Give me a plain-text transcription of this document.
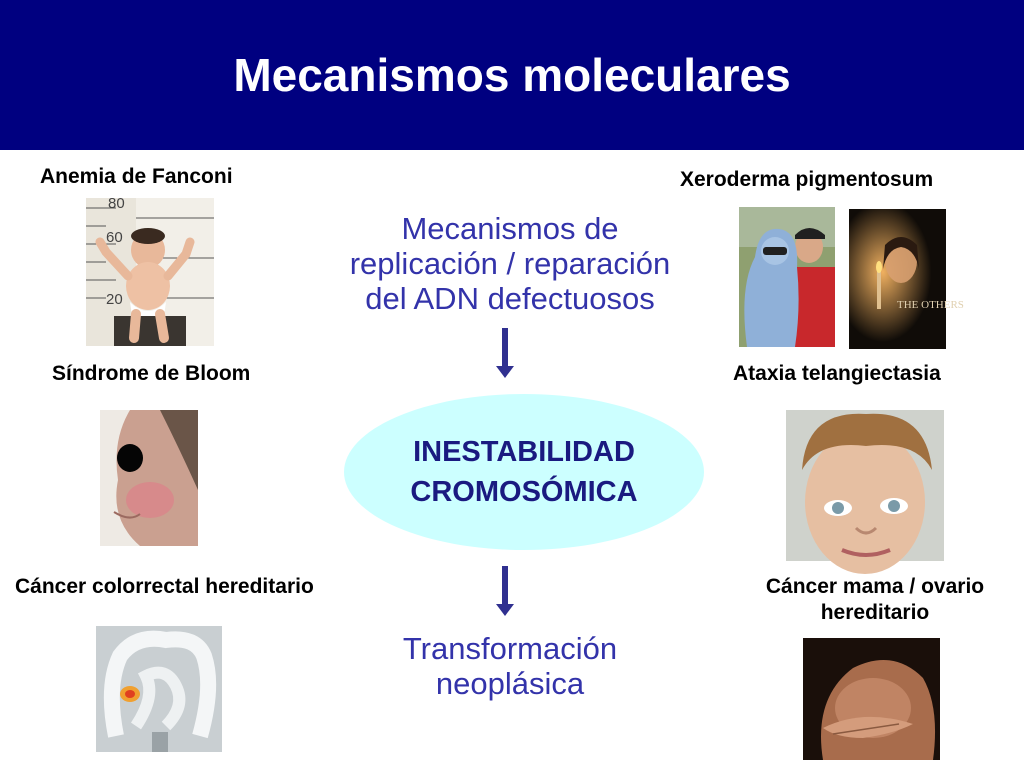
Mecanismos moleculares
Anemia de Fanconi
Síndrome de Bloom
Cáncer colorrectal hereditario
Xeroderma pigmentosum
Ataxia telangiectasia
Cáncer mama / ovario
hereditario
80
60
20	THE OTHERS
Mecanismos de
replicación / reparación
del ADN defectuosos
INESTABILIDAD
CROMOSÓMICA
Transformación
neoplásica
